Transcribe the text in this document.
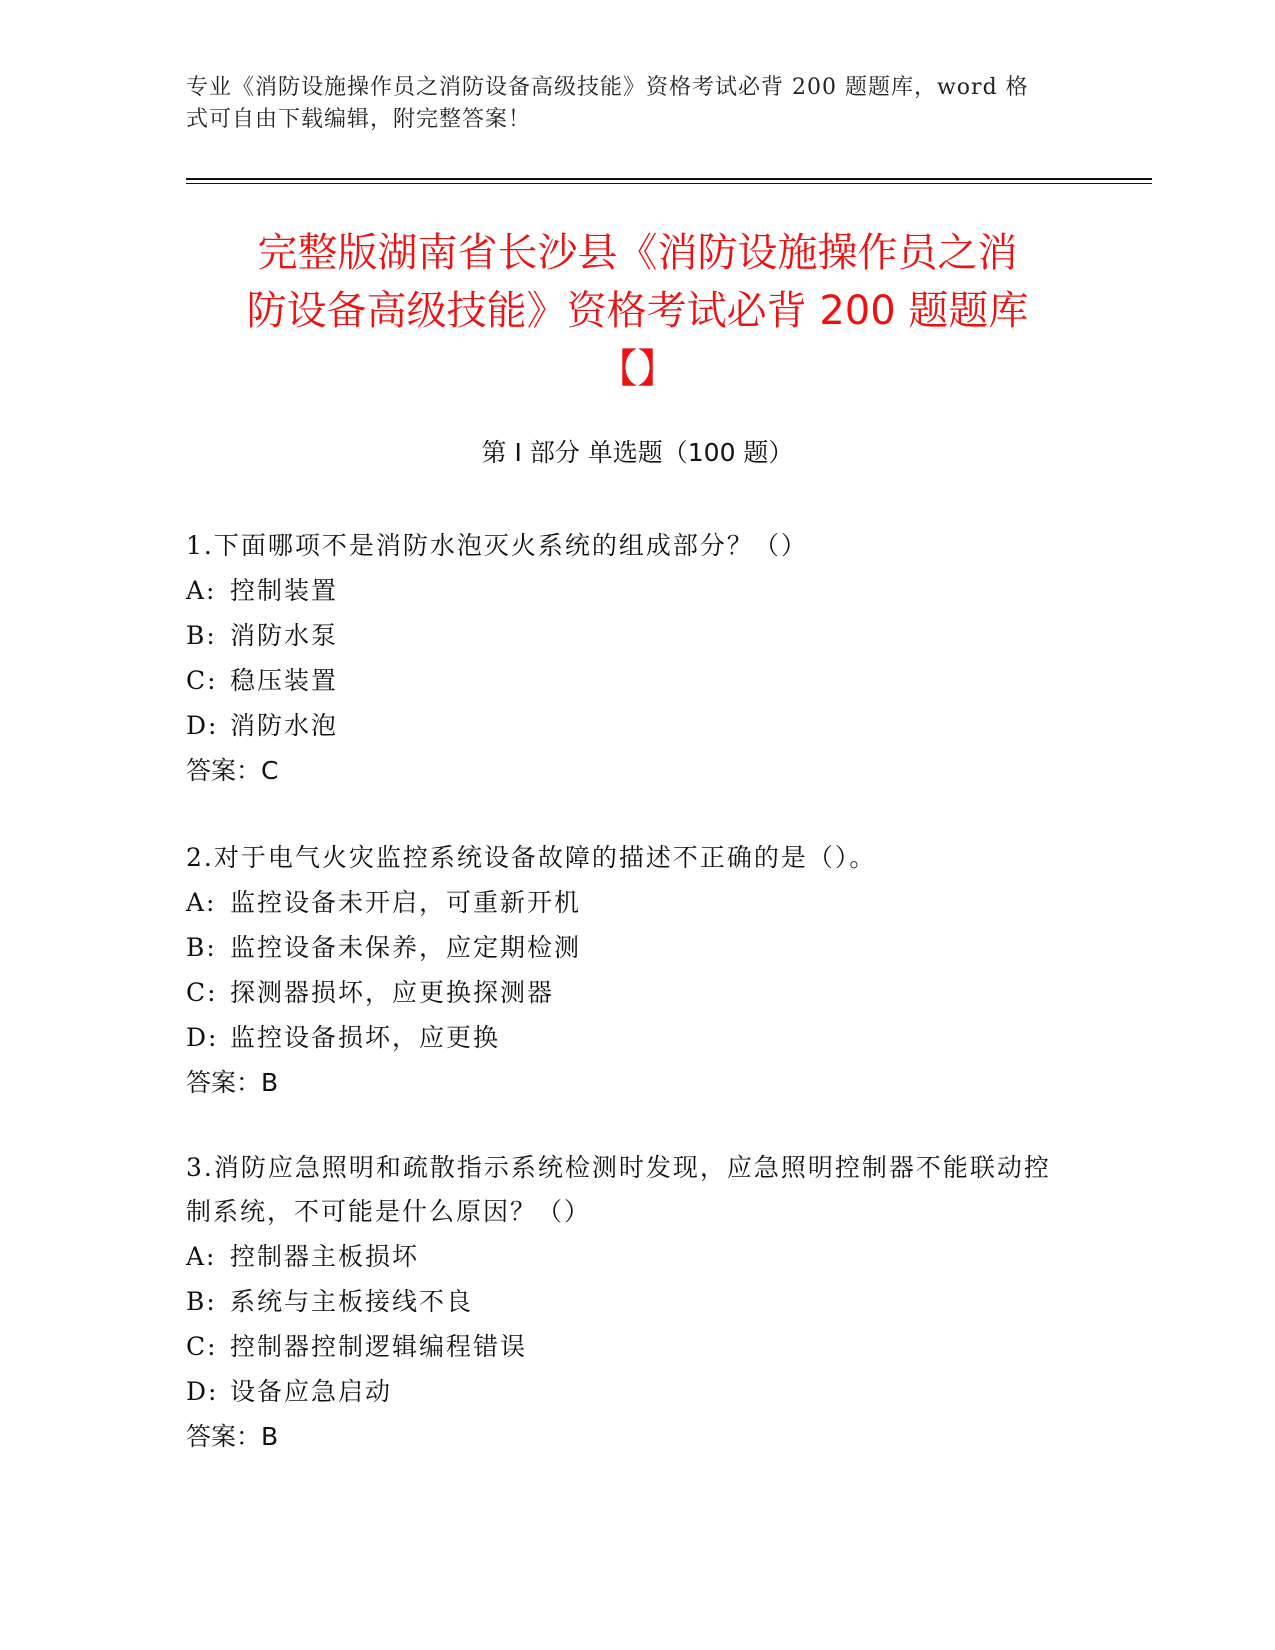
专业《消防设施操作员之消防设备高级技能》资格考试必背 200 题题库，word 格
式可自由下载编辑，附完整答案！
完整版湖南省长沙县《消防设施操作员之消
防设备高级技能》资格考试必背 200 题题库
【】
第 I 部分 单选题（100 题）

1.下面哪项不是消防水泡灭火系统的组成部分？（）

A: 控制装置

B: 消防水泵

C: 稳压装置

D: 消防水泡

答案：C

2.对于电气火灾监控系统设备故障的描述不正确的是（）。

A: 监控设备未开启，可重新开机

B: 监控设备未保养，应定期检测

C: 探测器损坏，应更换探测器

D: 监控设备损坏，应更换

答案：B

3.消防应急照明和疏散指示系统检测时发现，应急照明控制器不能联动控制系统，不可能是什么原因？（）

A: 控制器主板损坏

B: 系统与主板接线不良

C: 控制器控制逻辑编程错误

D: 设备应急启动

答案：B
